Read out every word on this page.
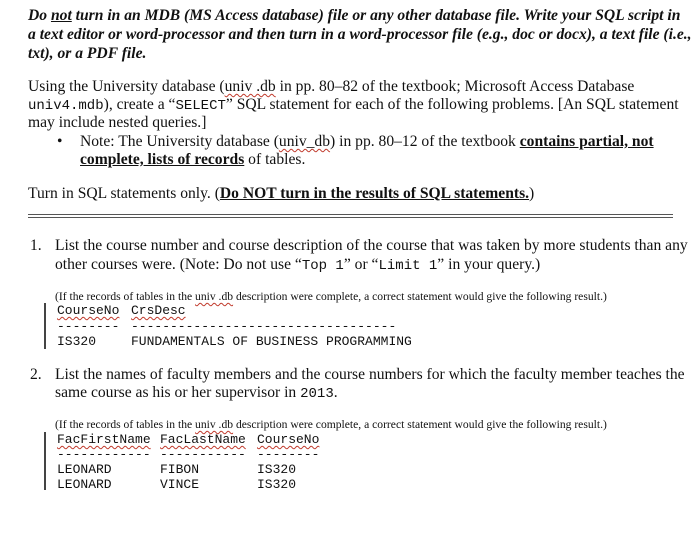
Do not turn in an MDB (MS Access database) file or any other database file. Write your SQL script in
a text editor or word-processor and then turn in a word-processor file (e.g., doc or docx), a text file (i.e.,
txt), or a PDF file.
Using the University database (univ .db in pp. 80–82 of the textbook; Microsoft Access Database
univ4.mdb), create a “SELECT” SQL statement for each of the following problems. [An SQL statement
may include nested queries.]
• Note: The University database (univ_db) in pp. 80–12 of the textbook contains partial, not
complete, lists of records of tables.
Turn in SQL statements only. (Do NOT turn in the results of SQL statements.)
1. List the course number and course description of the course that was taken by more students than any
other courses were. (Note: Do not use “Top 1” or “Limit 1” in your query.)
(If the records of tables in the univ .db description were complete, a correct statement would give the following result.)
CourseNo CrsDesc
-------- ----------------------------------
IS320	FUNDAMENTALS OF BUSINESS PROGRAMMING
2. List the names of faculty members and the course numbers for which the faculty member teaches the
same course as his or her supervisor in 2013.
(If the records of tables in the univ .db description were complete, a correct statement would give the following result.)
FacFirstName FacLastName CourseNo
------------ ----------- --------
LEONARD	FIBON	IS320
LEONARD	VINCE	IS320
